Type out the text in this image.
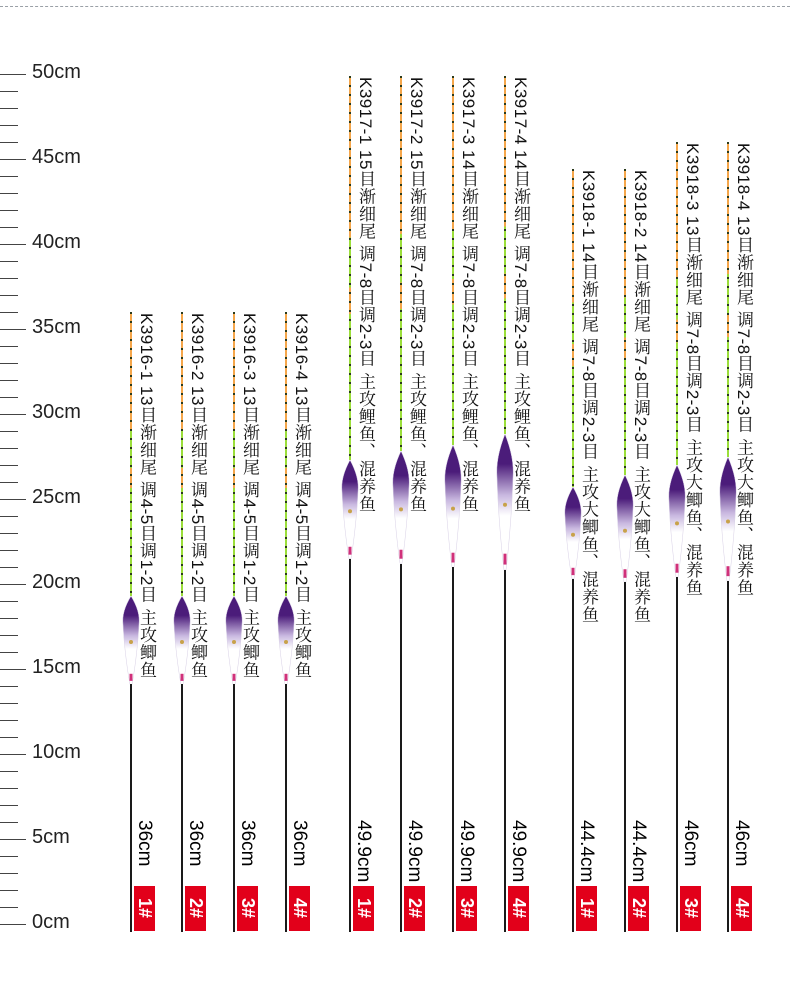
0cm
5cm
10cm
15cm
20cm
25cm
30cm
35cm
40cm
45cm
50cm
K3916-1 13目渐细尾 调4-5目调1-2目 主攻鲫鱼
36cm
1#
K3916-2 13目渐细尾 调4-5目调1-2目 主攻鲫鱼
36cm
2#
K3916-3 13目渐细尾 调4-5目调1-2目 主攻鲫鱼
36cm
3#
K3916-4 13目渐细尾 调4-5目调1-2目 主攻鲫鱼
36cm
4#
K3917-1 15目渐细尾 调7-8目调2-3目 主攻鲤鱼、混养鱼
49.9cm
1#
K3917-2 15目渐细尾 调7-8目调2-3目 主攻鲤鱼、混养鱼
49.9cm
2#
K3917-3 14目渐细尾 调7-8目调2-3目 主攻鲤鱼、混养鱼
49.9cm
3#
K3917-4 14目渐细尾 调7-8目调2-3目 主攻鲤鱼、混养鱼
49.9cm
4#
K3918-1 14目渐细尾 调7-8目调2-3目 主攻大鲫鱼、混养鱼
44.4cm
1#
K3918-2 14目渐细尾 调7-8目调2-3目 主攻大鲫鱼、混养鱼
44.4cm
2#
K3918-3 13目渐细尾 调7-8目调2-3目 主攻大鲫鱼、混养鱼
46cm
3#
K3918-4 13目渐细尾 调7-8目调2-3目 主攻大鲫鱼、混养鱼
46cm
4#
